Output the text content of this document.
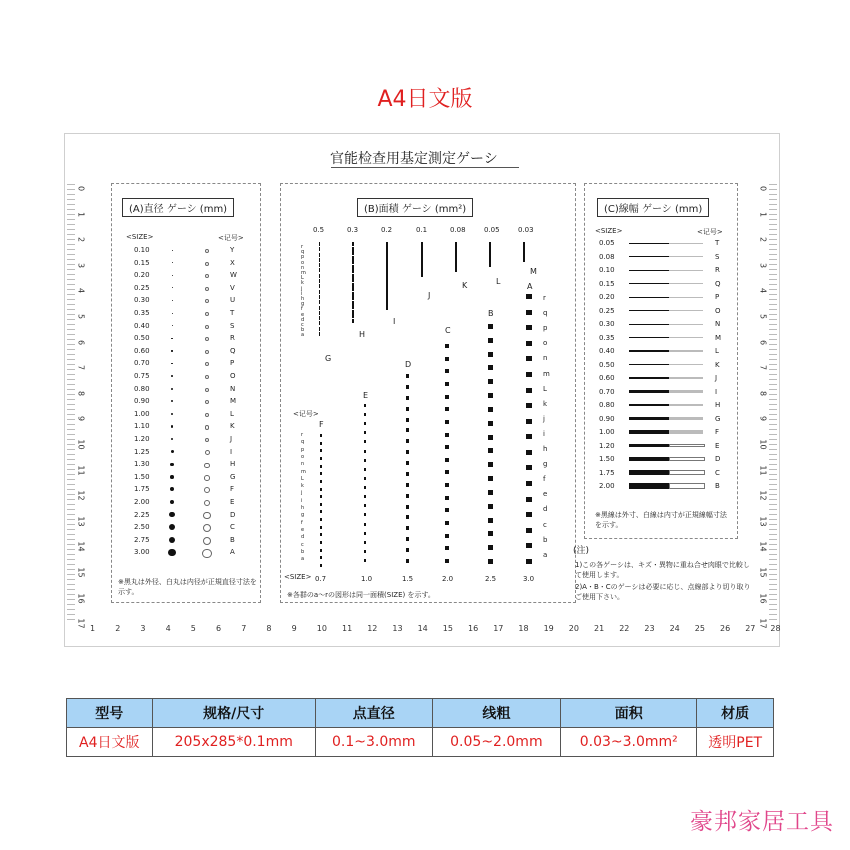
A4日文版
官能检查用基定測定ゲーシ
0
1
2
3
4
5
6
7
8
9
10
11
12
13
14
15
16
17
0
1
2
3
4
5
6
7
8
9
10
11
12
13
14
15
16
17
1	2	3	4	5	6	7	8	9	10 11 12 13 14 15 16 17 18 19 20 21 22 23 24 25 26 27 28
(A)直径 ゲーシ (mm)
<SIZE>	<记号>
0.10	Y
0.15	X
0.20	W
0.25	V
0.30	U
0.35	T
0.40	S
0.50	R
0.60	Q
0.70	P
0.75	O
0.80	N
0.90	M
1.00	L
1.10	K
1.20	J
1.25	I
1.30	H
1.50	G
1.75	F
2.00	E
2.25	D
2.50	C
2.75	B
3.00	A
※黑丸は外径、白丸は内径が正規直径寸法を示す。
(B)面積 ゲーシ (mm²)
0.5	0.3	0.2	0.1	0.08	0.05	0.03
0.7	1.0	1.5	2.0	2.5	3.0
G
H
I
J
K	L
M
A
B
C
D
E
F
r
q
p
o
n
m
L
k
j
i
h
g
f
e
d
c
b
a
r
q
p
o
n
m
L
k
j
i
h
g
f
e
d
c
b
a
r
q
p
o
n
m
L
k
j
i
h
g
f
e
d
c
b
a
<记号>
<SIZE>
※各群のa～rの図形は同一面積(SIZE) を示す。
(C)線幅 ゲーシ (mm)
<SIZE>	<记号>
0.05	T
0.08	S
0.10	R
0.15	Q
0.20	P
0.25	O
0.30	N
0.35	M
0.40	L
0.50	K
0.60	J
0.70	I
0.80	H
0.90	G
1.00	F
1.20	E
1.50	D
1.75	C
2.00	B
※黑線は外寸、白線は内寸が正規線幅寸法を示す。
(注)
1)この各ゲーシは、キズ・異物に重ね合せ肉眼で比較して使用します。
2)A・B・Cのゲーシは必要に応じ、点線部より切り取りご使用下さい。
型号	规格/尺寸	点直径	线粗	面积	材质
A4日文版	205x285*0.1mm	0.1~3.0mm	0.05~2.0mm	0.03~3.0mm²	透明PET
豪邦家居工具
